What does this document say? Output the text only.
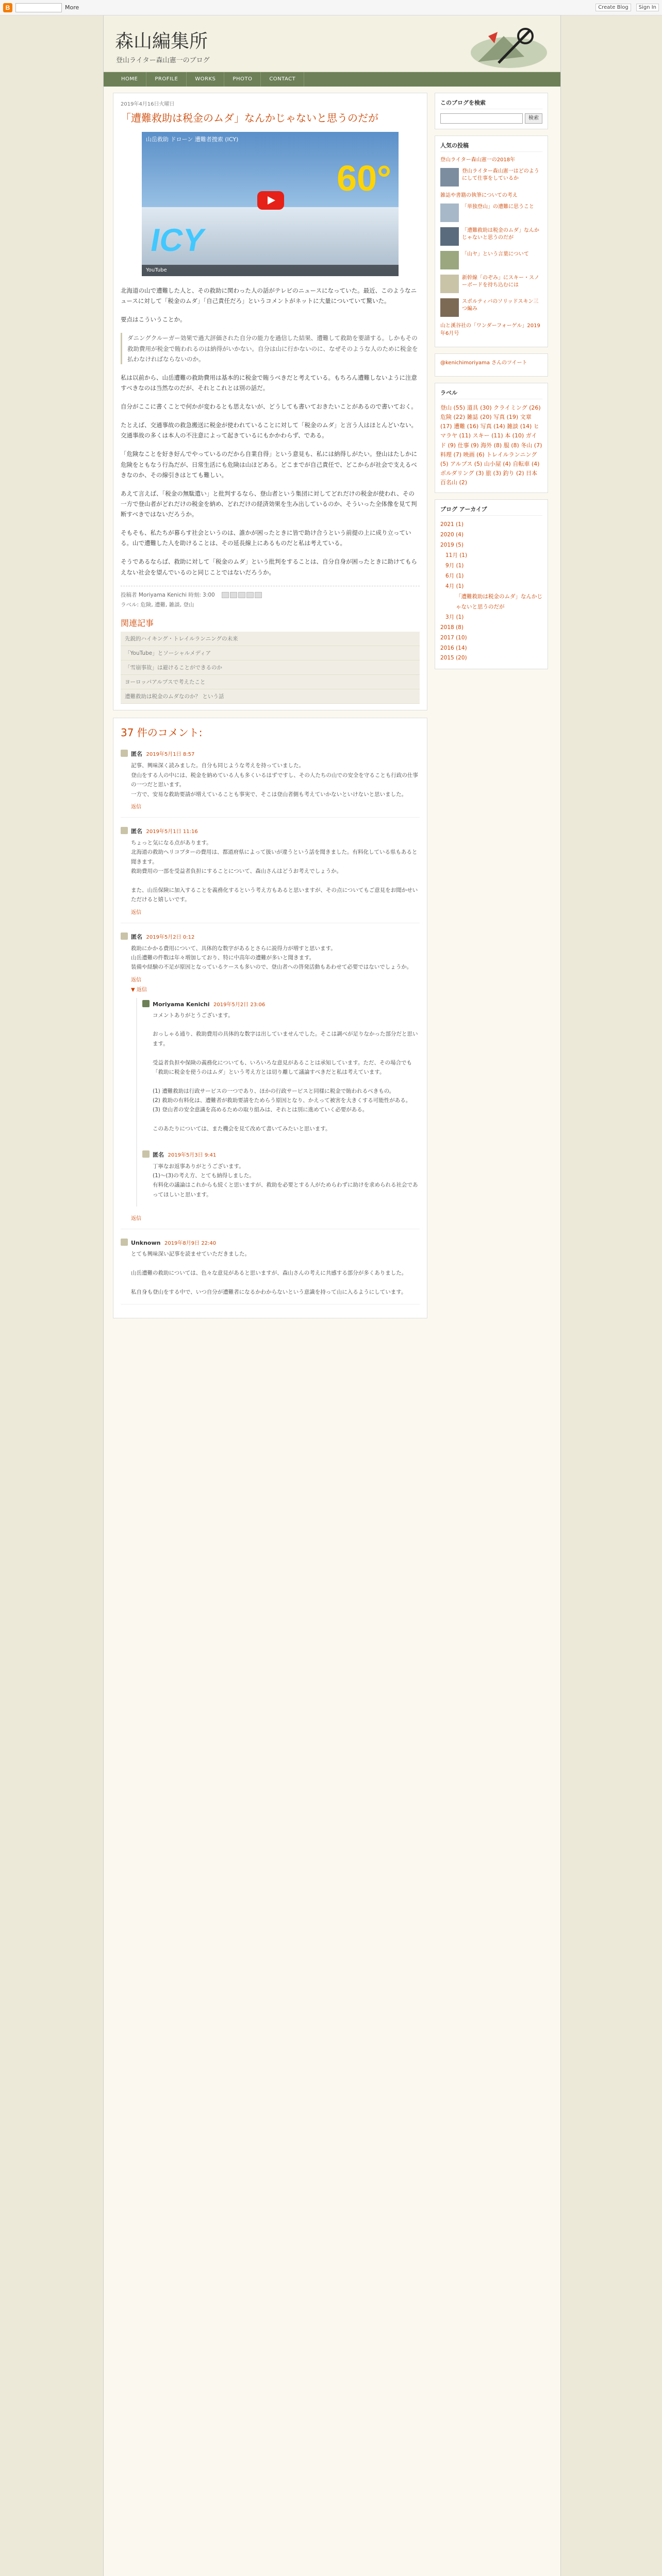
B	More	Create Blog	Sign In
森山編集所
登山ライター森山憲一のブログ
HOME	PROFILE	WORKS	PHOTO	CONTACT
2019年4月16日火曜日
「遭難救助は税金のムダ」なんかじゃないと思うのだが
山岳救助 ドローン 遭難者捜索 (ICY)
60°
ICY
YouTube

北海道の山で遭難した人と、その救助に関わった人の話がテレビのニュースになっていた。最近、このようなニュースに対して「税金のムダ」「自己責任だろ」というコメントがネットに大量についていて驚いた。

要点はこういうことか。

ダニングクルーガー効果で過大評価された自分の能力を過信した結果、遭難して救助を要請する。しかもその救助費用が税金で賄われるのは納得がいかない。自分は山に行かないのに、なぜそのような人のために税金を払わなければならないのか。

私は以前から、山岳遭難の救助費用は基本的に税金で賄うべきだと考えている。もちろん遭難しないように注意すべきなのは当然なのだが、それとこれとは別の話だ。

自分がここに書くことで何かが変わるとも思えないが、どうしても書いておきたいことがあるので書いておく。

たとえば、交通事故の救急搬送に税金が使われていることに対して「税金のムダ」と言う人はほとんどいない。交通事故の多くは本人の不注意によって起きているにもかかわらず、である。

「危険なことを好き好んでやっているのだから自業自得」という意見も、私には納得しがたい。登山はたしかに危険をともなう行為だが、日常生活にも危険は山ほどある。どこまでが自己責任で、どこからが社会で支えるべきなのか、その線引きはとても難しい。

あえて言えば、「税金の無駄遣い」と批判するなら、登山者という集団に対してどれだけの税金が使われ、その一方で登山者がどれだけの税金を納め、どれだけの経済効果を生み出しているのか、そういった全体像を見て判断すべきではないだろうか。

そもそも、私たちが暮らす社会というのは、誰かが困ったときに皆で助け合うという前提の上に成り立っている。山で遭難した人を助けることは、その延長線上にあるものだと私は考えている。

そうであるならば、救助に対して「税金のムダ」という批判をすることは、自分自身が困ったときに助けてもらえない社会を望んでいるのと同じことではないだろうか。

投稿者 Moriyama Kenichi 時刻: 3:00
ラベル: 危険, 遭難, 雑談, 登山
関連記事
先鋭的ハイキング・トレイルランニングの未来
「YouTube」とソーシャルメディア
「雪崩事故」は避けることができるのか
ヨーロッパアルプスで考えたこと
遭難救助は税金のムダなのか？ という話
37 件のコメント:
匿名 2019年5月1日 8:57
記事、興味深く読みました。自分も同じような考えを持っていました。
登山をする人の中には、税金を納めている人も多くいるはずですし、その人たちの山での安全を守ることも行政の仕事の一つだと思います。
一方で、安易な救助要請が増えていることも事実で、そこは登山者側も考えていかないといけないと思いました。
返信
匿名 2019年5月1日 11:16
ちょっと気になる点があります。
北海道の救助ヘリコプターの費用は、都道府県によって扱いが違うという話を聞きました。有料化している県もあると聞きます。
救助費用の一部を受益者負担にすることについて、森山さんはどうお考えでしょうか。

また、山岳保険に加入することを義務化するという考え方もあると思いますが、その点についてもご意見をお聞かせいただけると嬉しいです。
返信
匿名 2019年5月2日 0:12
救助にかかる費用について、具体的な数字があるとさらに説得力が増すと思います。
山岳遭難の件数は年々増加しており、特に中高年の遭難が多いと聞きます。
装備や経験の不足が原因となっているケースも多いので、登山者への啓発活動もあわせて必要ではないでしょうか。
返信
▼ 返信
Moriyama Kenichi 2019年5月2日 23:06
コメントありがとうございます。

おっしゃる通り、救助費用の具体的な数字は出していませんでした。そこは調べが足りなかった部分だと思います。

受益者負担や保険の義務化についても、いろいろな意見があることは承知しています。ただ、その場合でも「救助に税金を使うのはムダ」という考え方とは切り離して議論すべきだと私は考えています。

(1) 遭難救助は行政サービスの一つであり、ほかの行政サービスと同様に税金で賄われるべきもの。
(2) 救助の有料化は、遭難者が救助要請をためらう原因となり、かえって被害を大きくする可能性がある。
(3) 登山者の安全意識を高めるための取り組みは、それとは別に進めていく必要がある。

このあたりについては、また機会を見て改めて書いてみたいと思います。
匿名 2019年5月3日 9:41
丁寧なお返事ありがとうございます。
(1)〜(3)の考え方、とても納得しました。
有料化の議論はこれからも続くと思いますが、救助を必要とする人がためらわずに助けを求められる社会であってほしいと思います。
返信
Unknown 2019年8月9日 22:40
とても興味深い記事を読ませていただきました。

山岳遭難の救助については、色々な意見があると思いますが、森山さんの考えに共感する部分が多くありました。

私自身も登山をする中で、いつ自分が遭難者になるかわからないという意識を持って山に入るようにしています。
このブログを検索
検索
人気の投稿
登山ライター森山憲一の2018年
登山ライター森山憲一はどのようにして仕事をしているか
雑誌や書籍の執筆についての考え
「単独登山」の遭難に思うこと
「遭難救助は税金のムダ」なんかじゃないと思うのだが
「山ヤ」という言葉について
新幹線「のぞみ」にスキー・スノーボードを持ち込むには
スポルティバのソリッドスキン三つ編み
山と溪谷社の「ワンダーフォーゲル」2019年6月号
@kenichimoriyama さんのツイート
ラベル
登山 (55) 道具 (30) クライミング (26) 危険 (22) 雑誌 (20) 写真 (19) 文章 (17) 遭難 (16) 写真 (14) 雑談 (14) ヒマラヤ (11) スキー (11) 本 (10) ガイド (9) 仕事 (9) 海外 (8) 服 (8) 冬山 (7) 料理 (7) 映画 (6) トレイルランニング (5) アルプス (5) 山小屋 (4) 自転車 (4) ボルダリング (3) 旅 (3) 釣り (2) 日本百名山 (2)
ブログ アーカイブ
2021 (1)
2020 (4)
2019 (5)
11月 (1)
9月 (1)
6月 (1)
4月 (1)
「遭難救助は税金のムダ」なんかじゃないと思うのだが
3月 (1)
2018 (8)
2017 (10)
2016 (14)
2015 (20)
